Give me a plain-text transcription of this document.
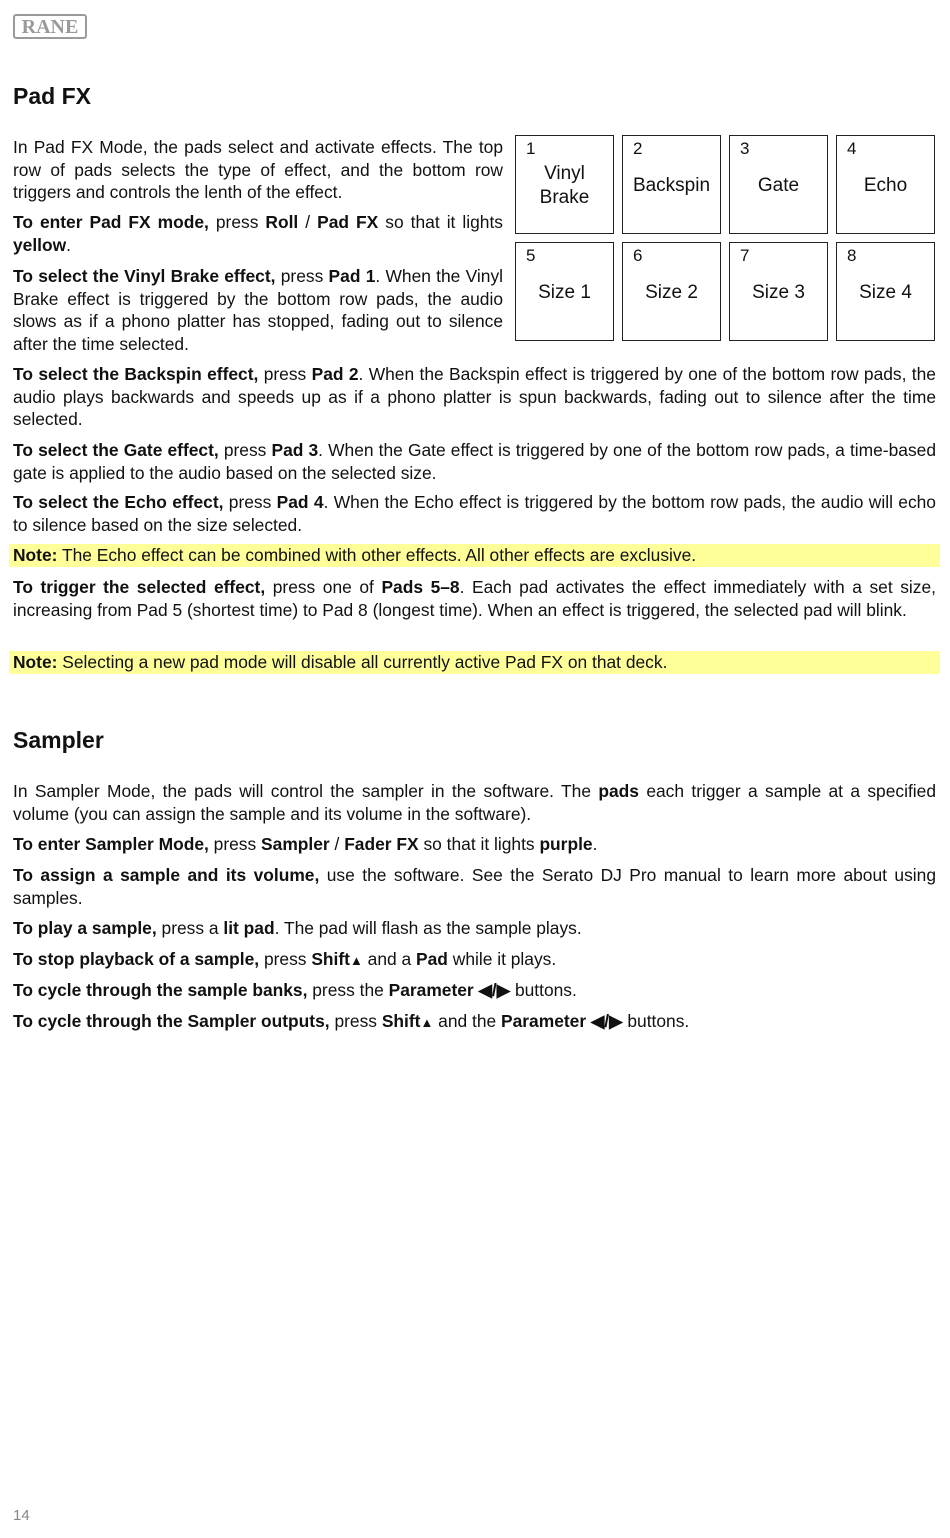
RANE
Pad FX

In Pad FX Mode, the pads select and activate effects. The top row of pads selects the type of effect, and the bottom row triggers and controls the lenth of the effect.

To enter Pad FX mode, press Roll / Pad FX so that it lights yellow.

To select the Vinyl Brake effect, press Pad 1. When the Vinyl Brake effect is triggered by the bottom row pads, the audio slows as if a phono platter has stopped, fading out to silence after the time selected.

1
Vinyl
Brake
2
Backspin
3
Gate
4
Echo
5
Size 1
6
Size 2
7
Size 3
8
Size 4

To select the Backspin effect, press Pad 2. When the Backspin effect is triggered by one of the bottom row pads, the audio plays backwards and speeds up as if a phono platter is spun backwards, fading out to silence after the time selected.

To select the Gate effect, press Pad 3. When the Gate effect is triggered by one of the bottom row pads, a time-based gate is applied to the audio based on the selected size.

To select the Echo effect, press Pad 4. When the Echo effect is triggered by the bottom row pads, the audio will echo to silence based on the size selected.

Note: The Echo effect can be combined with other effects. All other effects are exclusive.

To trigger the selected effect, press one of Pads 5–8. Each pad activates the effect immediately with a set size, increasing from Pad 5 (shortest time) to Pad 8 (longest time). When an effect is triggered, the selected pad will blink.

Note: Selecting a new pad mode will disable all currently active Pad FX on that deck.
Sampler

In Sampler Mode, the pads will control the sampler in the software. The pads each trigger a sample at a specified volume (you can assign the sample and its volume in the software).

To enter Sampler Mode, press Sampler / Fader FX so that it lights purple.

To assign a sample and its volume, use the software. See the Serato DJ Pro manual to learn more about using samples.

To play a sample, press a lit pad. The pad will flash as the sample plays.

To stop playback of a sample, press Shift▲ and a Pad while it plays.

To cycle through the sample banks, press the Parameter ◀/▶ buttons.

To cycle through the Sampler outputs, press Shift▲ and the Parameter ◀/▶ buttons.

14
